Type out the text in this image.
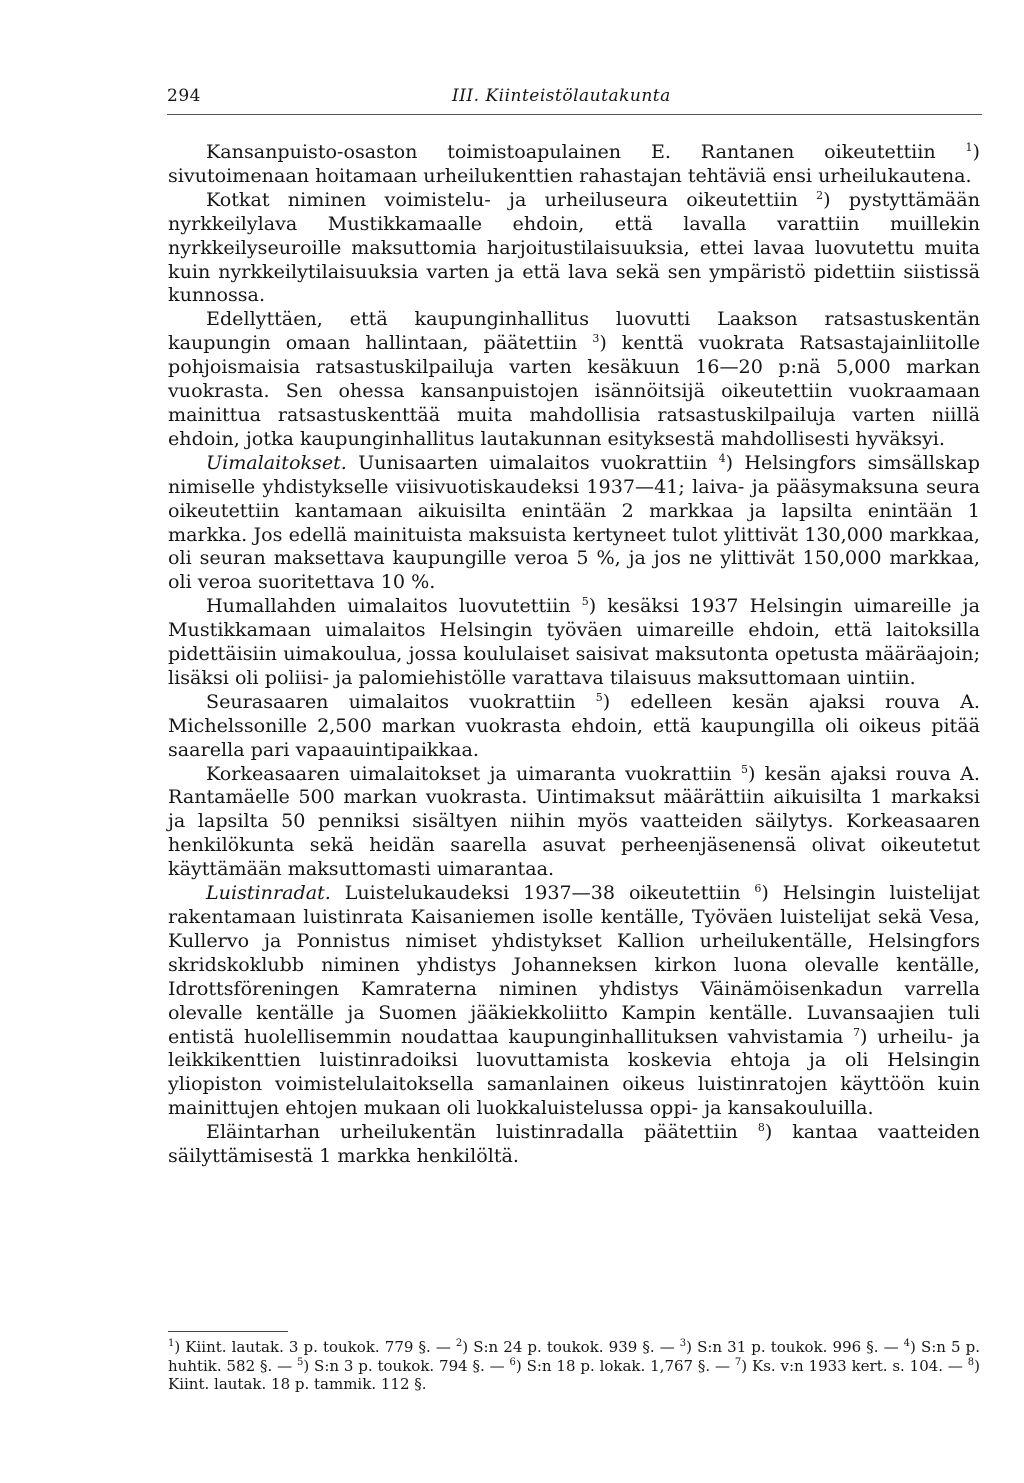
294	III. Kiinteistölautakunta

Kansanpuisto-osaston toimistoapulainen E. Rantanen oikeutettiin $^1$) sivutoimenaan hoitamaan urheilukenttien rahastajan tehtäviä ensi urheilukautena.

Kotkat niminen voimistelu- ja urheiluseura oikeutettiin $^2$) pystyttämään nyrkkeilylava Mustikkamaalle ehdoin, että lavalla varattiin muillekin nyrkkeilyseuroille maksuttomia harjoitustilaisuuksia, ettei lavaa luovutettu muita kuin nyrkkeilytilaisuuksia varten ja että lava sekä sen ympäristö pidettiin siistissä kunnossa.

Edellyttäen, että kaupunginhallitus luovutti Laakson ratsastuskentän kaupungin omaan hallintaan, päätettiin $^3$) kenttä vuokrata Ratsastajainliitolle pohjoismaisia ratsastuskilpailuja varten kesäkuun 16—20 p:nä 5,000 markan vuokrasta. Sen ohessa kansanpuistojen isännöitsijä oikeutettiin vuokraamaan mainittua ratsastuskenttää muita mahdollisia ratsastuskilpailuja varten niillä ehdoin, jotka kaupunginhallitus lautakunnan esityksestä mahdollisesti hyväksyi.

Uimalaitokset. Uunisaarten uimalaitos vuokrattiin $^4$) Helsingfors simsällskap nimiselle yhdistykselle viisivuotiskaudeksi 1937—41; laiva- ja pääsymaksuna seura oikeutettiin kantamaan aikuisilta enintään 2 markkaa ja lapsilta enintään 1 markka. Jos edellä mainituista maksuista kertyneet tulot ylittivät 130,000 markkaa, oli seuran maksettava kaupungille veroa 5 %, ja jos ne ylittivät 150,000 markkaa, oli veroa suoritettava 10 %.

Humallahden uimalaitos luovutettiin $^5$) kesäksi 1937 Helsingin uimareille ja Mustikkamaan uimalaitos Helsingin työväen uimareille ehdoin, että laitoksilla pidettäisiin uimakoulua, jossa koululaiset saisivat maksutonta opetusta määräajoin; lisäksi oli poliisi- ja palomiehistölle varattava tilaisuus maksuttomaan uintiin.

Seurasaaren uimalaitos vuokrattiin $^5$) edelleen kesän ajaksi rouva A. Michelssonille 2,500 markan vuokrasta ehdoin, että kaupungilla oli oikeus pitää saarella pari vapaauintipaikkaa.

Korkeasaaren uimalaitokset ja uimaranta vuokrattiin $^5$) kesän ajaksi rouva A. Rantamäelle 500 markan vuokrasta. Uintimaksut määrättiin aikuisilta 1 markaksi ja lapsilta 50 penniksi sisältyen niihin myös vaatteiden säilytys. Korkeasaaren henkilökunta sekä heidän saarella asuvat perheenjäsenensä olivat oikeutetut käyttämään maksuttomasti uimarantaa.

Luistinradat. Luistelukaudeksi 1937—38 oikeutettiin $^6$) Helsingin luistelijat rakentamaan luistinrata Kaisaniemen isolle kentälle, Työväen luistelijat sekä Vesa, Kullervo ja Ponnistus nimiset yhdistykset Kallion urheilukentälle, Helsingfors skridskoklubb niminen yhdistys Johanneksen kirkon luona olevalle kentälle, Idrottsföreningen Kamraterna niminen yhdistys Väinämöisenkadun varrella olevalle kentälle ja Suomen jääkiekkoliitto Kampin kentälle. Luvansaajien tuli entistä huolellisemmin noudattaa kaupunginhallituksen vahvistamia $^7$) urheilu- ja leikkikenttien luistinradoiksi luovuttamista koskevia ehtoja ja oli Helsingin yliopiston voimistelulaitoksella samanlainen oikeus luistinratojen käyttöön kuin mainittujen ehtojen mukaan oli luokkaluistelussa oppi- ja kansakouluilla.

Eläintarhan urheilukentän luistinradalla päätettiin $^8$) kantaa vaatteiden säilyttämisestä 1 markka henkilöltä.

$^1$) Kiint. lautak. 3 p. toukok. 779 §. — $^2$) S:n 24 p. toukok. 939 §. — $^3$) S:n 31 p. toukok. 996 §. — $^4$) S:n 5 p. huhtik. 582 §. — $^5$) S:n 3 p. toukok. 794 §. — $^6$) S:n 18 p. lokak. 1,767 §. — $^7$) Ks. v:n 1933 kert. s. 104. — $^8$) Kiint. lautak. 18 p. tammik. 112 §.
